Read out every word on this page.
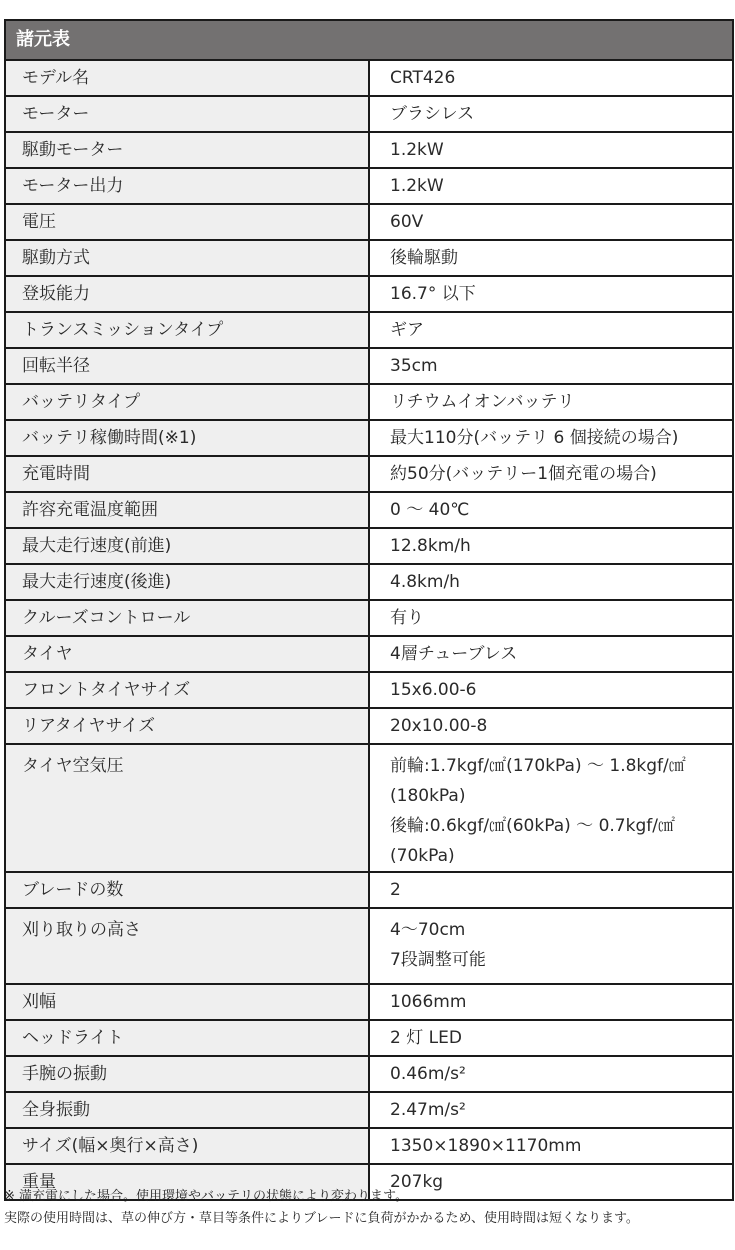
諸元表	
モデル名	CRT426
モーター	ブラシレス
駆動モーター	1.2kW
モーター出力	1.2kW
電圧	60V
駆動方式	後輪駆動
登坂能力	16.7° 以下
トランスミッションタイプ	ギア
回転半径	35cm
バッテリタイプ	リチウムイオンバッテリ
バッテリ稼働時間(※1)	最大110分(バッテリ 6 個接続の場合)
充電時間	約50分(バッテリー1個充電の場合)
許容充電温度範囲	0 ～ 40℃
最大走行速度(前進)	12.8km/h
最大走行速度(後進)	4.8km/h
クルーズコントロール	有り
タイヤ	4層チューブレス
フロントタイヤサイズ	15x6.00-6
リアタイヤサイズ	20x10.00-8
タイヤ空気圧	前輪:1.7kgf/㎠(170kPa) ～ 1.8kgf/㎠(180kPa)
後輪:0.6kgf/㎠(60kPa) ～ 0.7kgf/㎠(70kPa)

ブレードの数	2
刈り取りの高さ	4～70cm
7段調整可能

刈幅	1066mm
ヘッドライト	2 灯 LED
手腕の振動	0.46m/s²
全身振動	2.47m/s²
サイズ(幅×奥行×高さ)	1350×1890×1170mm
重量	207kg
※ 満充電にした場合。使用環境やバッテリの状態により変わります。
実際の使用時間は、草の伸び方・草目等条件によりブレードに負荷がかかるため、使用時間は短くなります。
